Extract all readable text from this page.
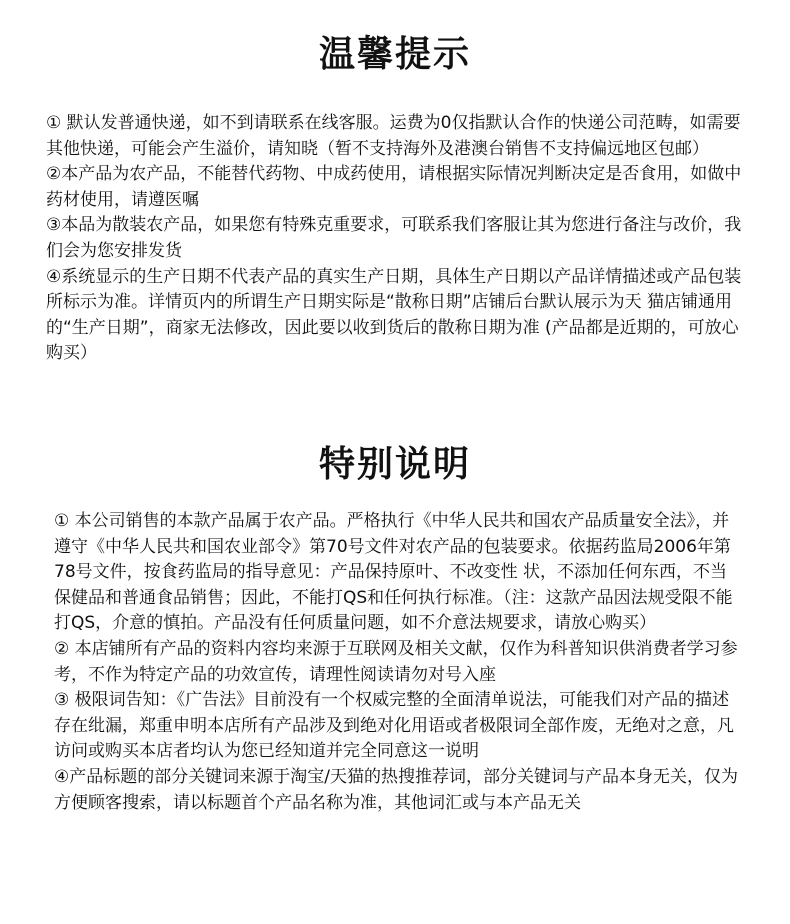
温馨提示

① 默认发普通快递，如不到请联系在线客服。运费为0仅指默认合作的快递公司范畴，如需要其他快递，可能会产生溢价，请知晓（暂不支持海外及港澳台销售不支持偏远地区包邮）

②本产品为农产品，不能替代药物、中成药使用，请根据实际情况判断决定是否食用，如做中药材使用，请遵医嘱

③本品为散装农产品，如果您有特殊克重要求，可联系我们客服让其为您进行备注与改价，我们会为您安排发货

④系统显示的生产日期不代表产品的真实生产日期，具体生产日期以产品详情描述或产品包装所标示为准。详情页内的所谓生产日期实际是“散称日期”店铺后台默认展示为天 猫店铺通用的“生产日期”，商家无法修改，因此要以收到货后的散称日期为准 (产品都是近期的，可放心购买）

特别说明

① 本公司销售的本款产品属于农产品。严格执行《中华人民共和国农产品质量安全法》，并遵守《中华人民共和国农业部令》第70号文件对农产品的包装要求。依据药监局2006年第78号文件，按食药监局的指导意见：产品保持原叶、不改变性 状，不添加任何东西，不当保健品和普通食品销售；因此，不能打QS和任何执行标准。（注：这款产品因法规受限不能打QS，介意的慎拍。产品没有任何质量问题，如不介意法规要求，请放心购买）

② 本店铺所有产品的资料内容均来源于互联网及相关文献，仅作为科普知识供消费者学习参考，不作为特定产品的功效宣传，请理性阅读请勿对号入座

③ 极限词告知：《广告法》目前没有一个权威完整的全面清单说法，可能我们对产品的描述存在纰漏，郑重申明本店所有产品涉及到绝对化用语或者极限词全部作废，无绝对之意，凡访问或购买本店者均认为您已经知道并完全同意这一说明

④产品标题的部分关键词来源于淘宝/天猫的热搜推荐词，部分关键词与产品本身无关，仅为方便顾客搜索，请以标题首个产品名称为准，其他词汇或与本产品无关
